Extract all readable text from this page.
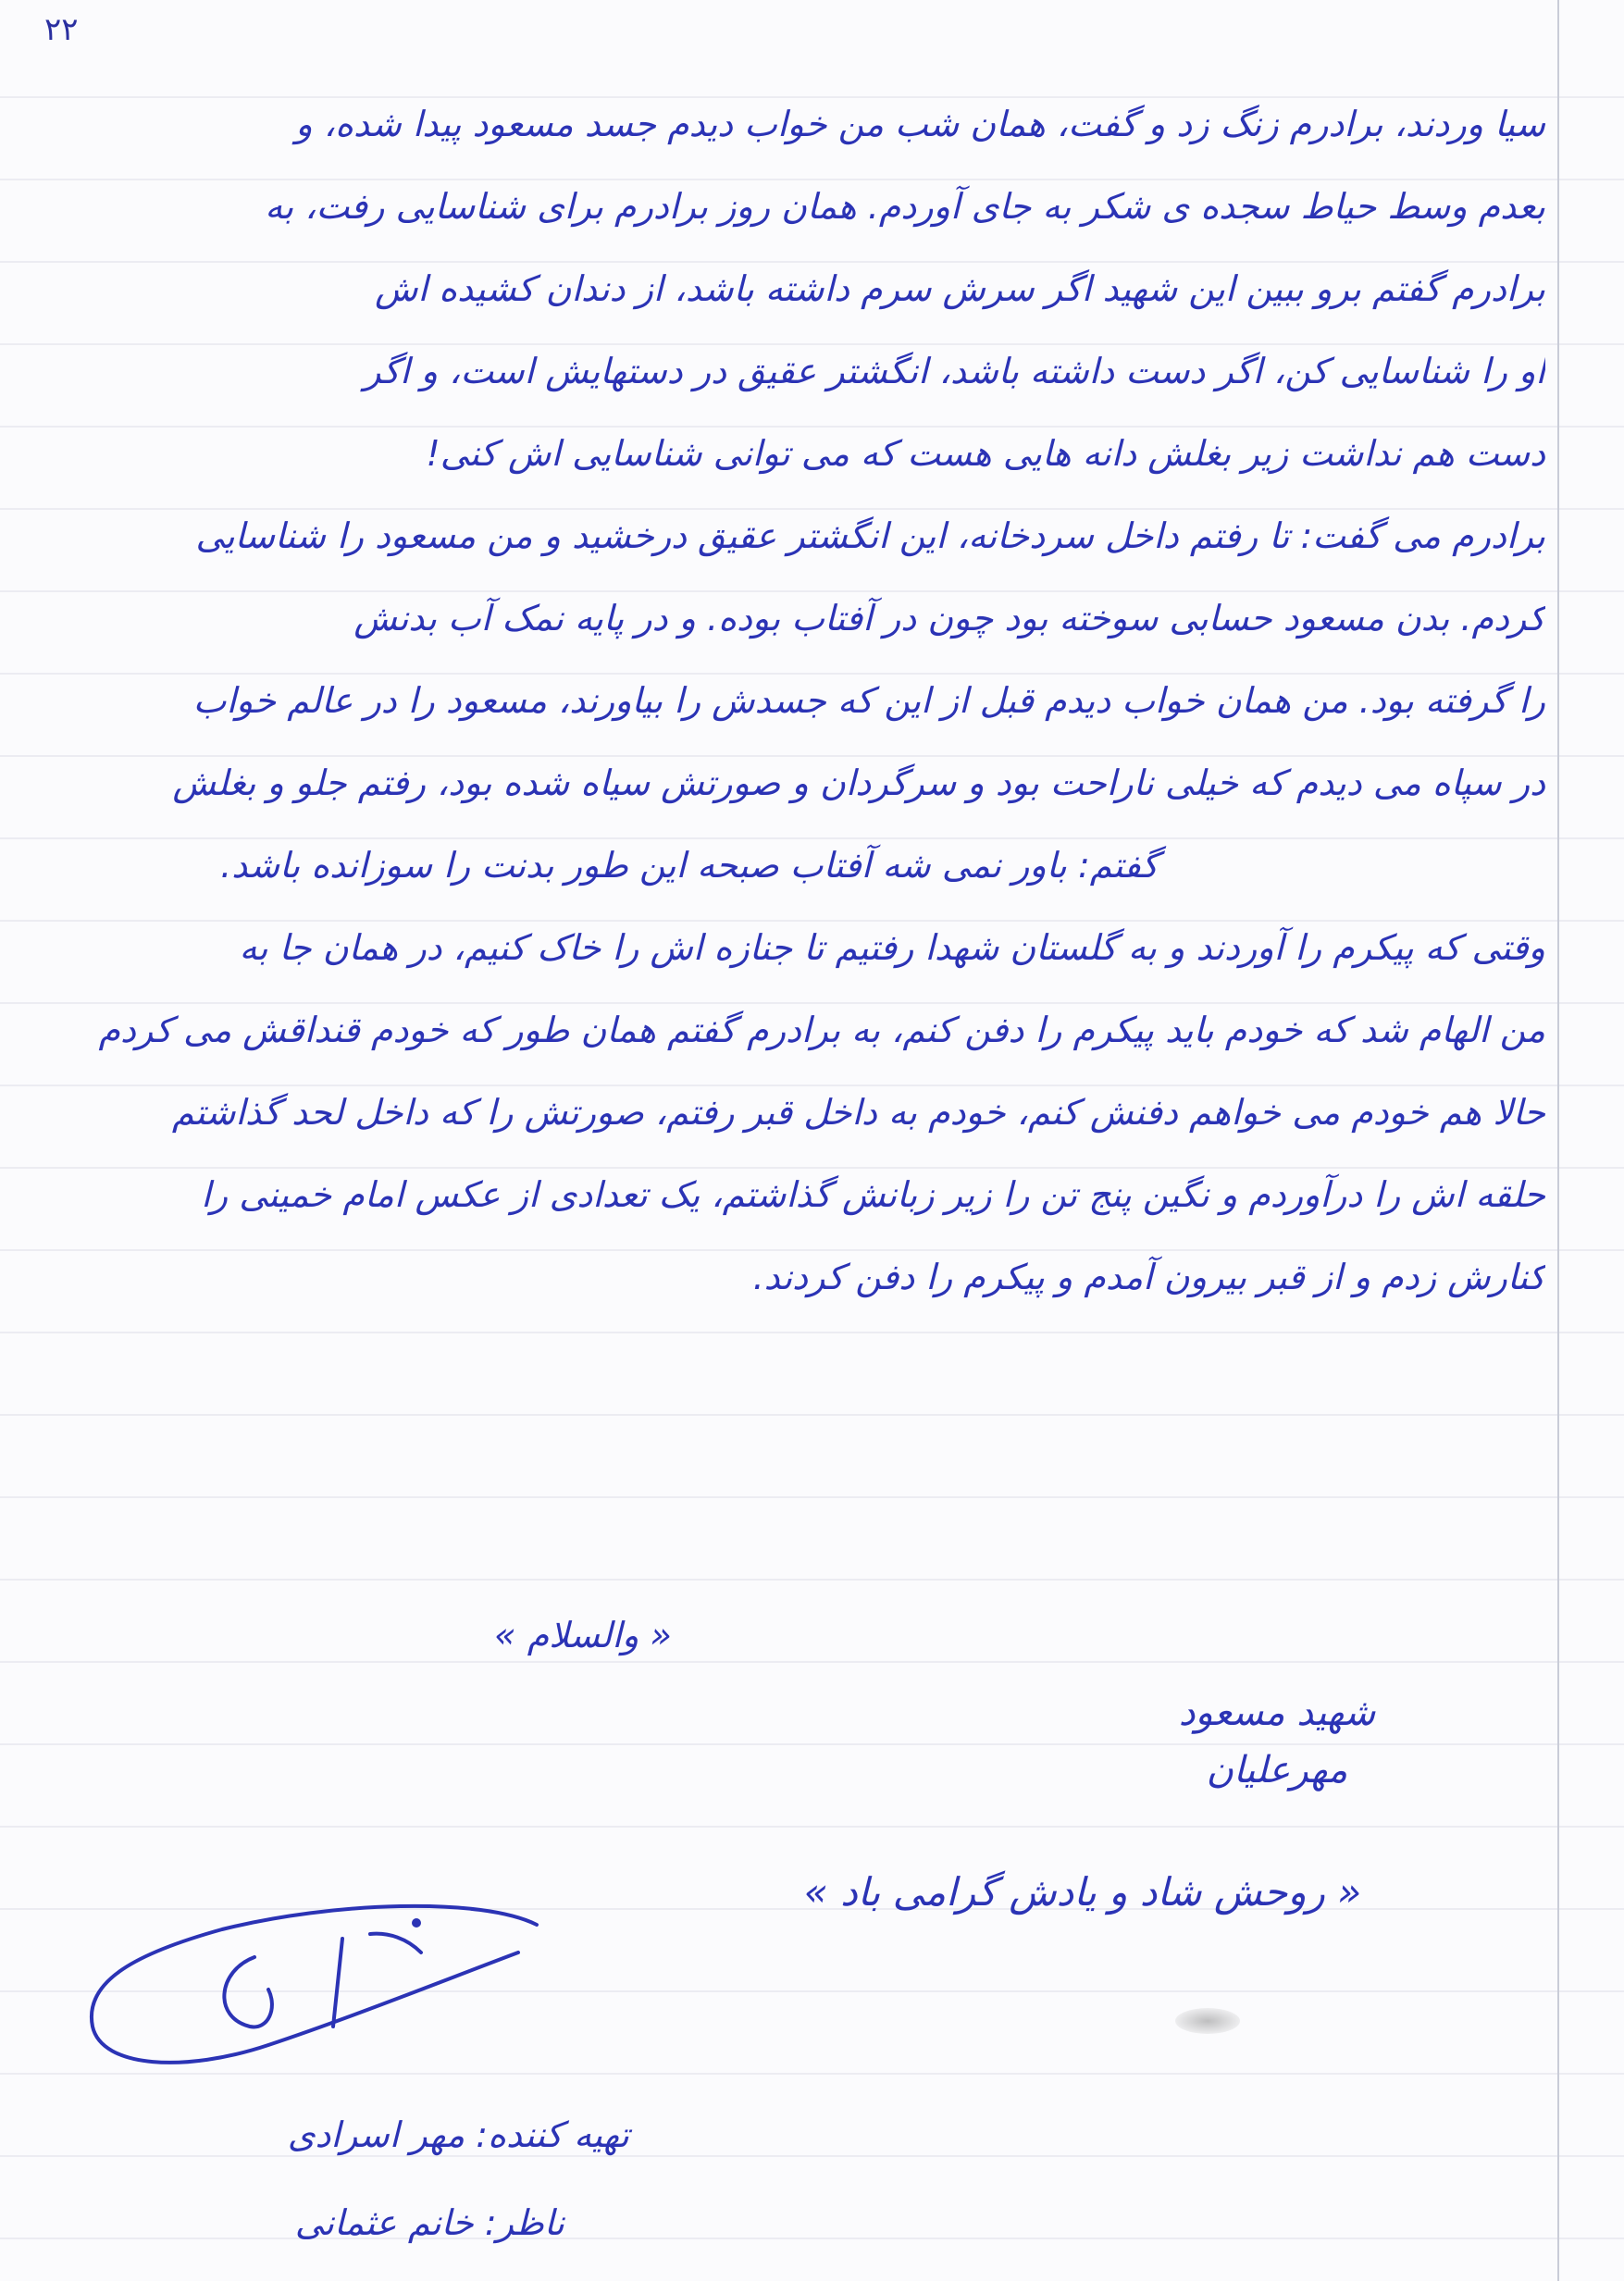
۲۲
سیا وردند، برادرم زنگ زد و گفت، همان شب من خواب دیدم جسد مسعود پیدا شده، و
بعدم وسط حیاط سجده ی شکر به جای آوردم. همان روز برادرم برای شناسایی رفت، به
برادرم گفتم برو ببین این شهید اگر سرش سرم داشته باشد، از دندان کشیده اش
او را شناسایی کن، اگر دست داشته باشد، انگشتر عقیق در دستهایش است، و اگر
دست هم نداشت زیر بغلش دانه هایی هست که می توانی شناسایی اش کنی!
برادرم می گفت: تا رفتم داخل سردخانه، این انگشتر عقیق درخشید و من مسعود را شناسایی
کردم. بدن مسعود حسابی سوخته بود چون در آفتاب بوده. و در پایه نمک آب بدنش
را گرفته بود. من همان خواب دیدم قبل از این که جسدش را بیاورند، مسعود را در عالم خواب
در سپاه می دیدم که خیلی ناراحت بود و سرگردان و صورتش سیاه شده بود، رفتم جلو و بغلش
گفتم: باور نمی شه آفتاب صبحه این طور بدنت را سوزانده باشد.
وقتی که پیکرم را آوردند و به گلستان شهدا رفتیم تا جنازه اش را خاک کنیم، در همان جا به
من الهام شد که خودم باید پیکرم را دفن کنم، به برادرم گفتم همان طور که خودم قنداقش می کردم
حالا هم خودم می خواهم دفنش کنم، خودم به داخل قبر رفتم، صورتش را که داخل لحد گذاشتم
حلقه اش را درآوردم و نگین پنج تن را زیر زبانش گذاشتم، یک تعدادی از عکس امام خمینی را
کنارش زدم و از قبر بیرون آمدم و پیکرم را دفن کردند.
« والسلام »
شهید مسعود
مهرعلیان
« روحش شاد و یادش گرامی باد »
تهیه کننده: مهر اسرادی
ناظر: خانم عثمانی
